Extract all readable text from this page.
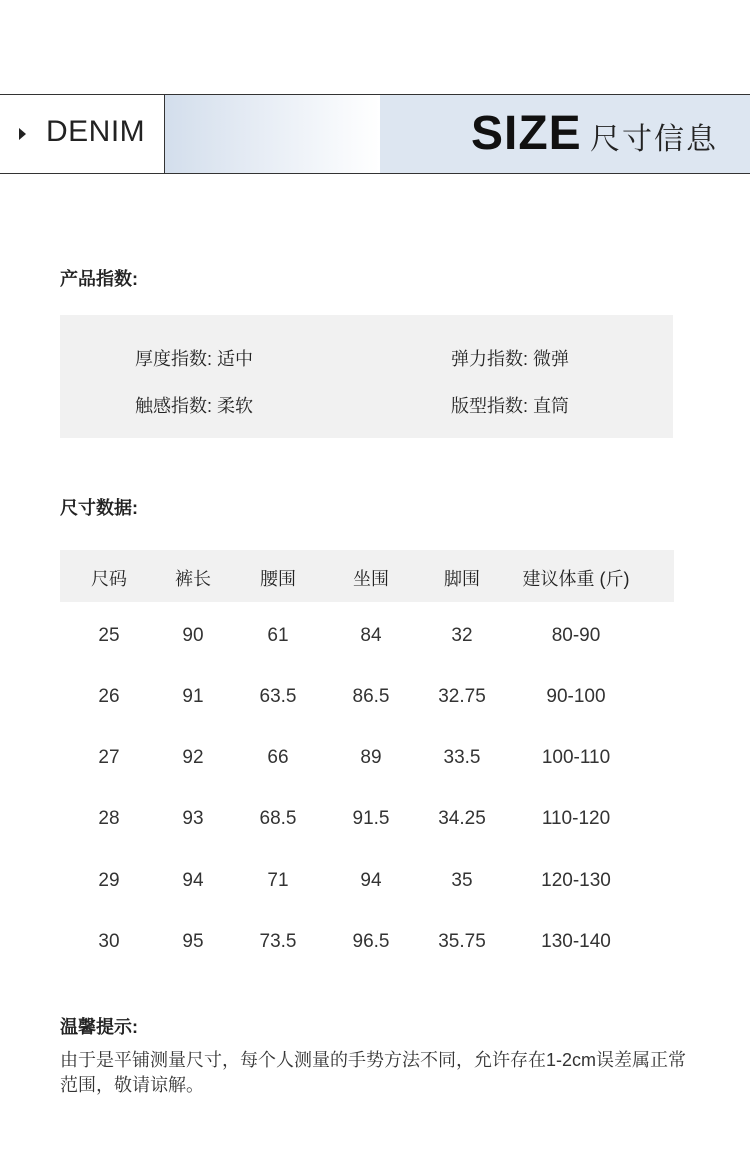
DENIM	SIZE 尺寸信息
产品指数:
厚度指数: 适中	弹力指数: 微弹
触感指数: 柔软	版型指数: 直筒
尺寸数据:
温馨提示:
由于是平铺测量尺寸，每个人测量的手势方法不同，允许存在1-2cm误差属正常范围，敬请谅解。
尺码	裤长	腰围	坐围	脚围	建议体重 (斤)
25	90	61	84	32	80-90
26	91	63.5	86.5	32.75	90-100
27	92	66	89	33.5	100-110
28	93	68.5	91.5	34.25	110-120
29	94	71	94	35	120-130
30	95	73.5	96.5	35.75	130-140
